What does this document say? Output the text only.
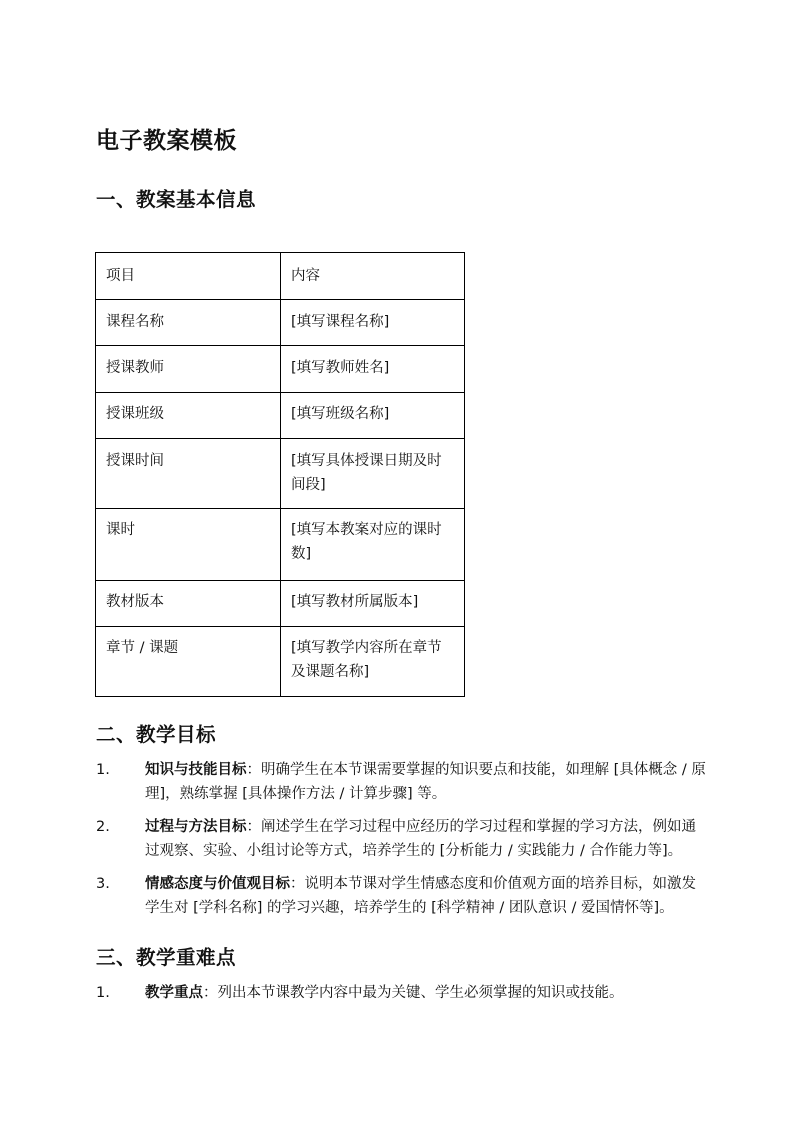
电子教案模板
一、教案基本信息
项目	内容
课程名称	[填写课程名称]
授课教师	[填写教师姓名]
授课班级	[填写班级名称]
授课时间	[填写具体授课日期及时间段]
课时	[填写本教案对应的课时数]
教材版本	[填写教材所属版本]
章节 / 课题	[填写教学内容所在章节及课题名称]
二、教学目标
1. 知识与技能目标：明确学生在本节课需要掌握的知识要点和技能，如理解 [具体概念 / 原理]，熟练掌握 [具体操作方法 / 计算步骤] 等。
2. 过程与方法目标：阐述学生在学习过程中应经历的学习过程和掌握的学习方法，例如通过观察、实验、小组讨论等方式，培养学生的 [分析能力 / 实践能力 / 合作能力等]。
3. 情感态度与价值观目标：说明本节课对学生情感态度和价值观方面的培养目标，如激发学生对 [学科名称] 的学习兴趣，培养学生的 [科学精神 / 团队意识 / 爱国情怀等]。
三、教学重难点
1. 教学重点：列出本节课教学内容中最为关键、学生必须掌握的知识或技能。
